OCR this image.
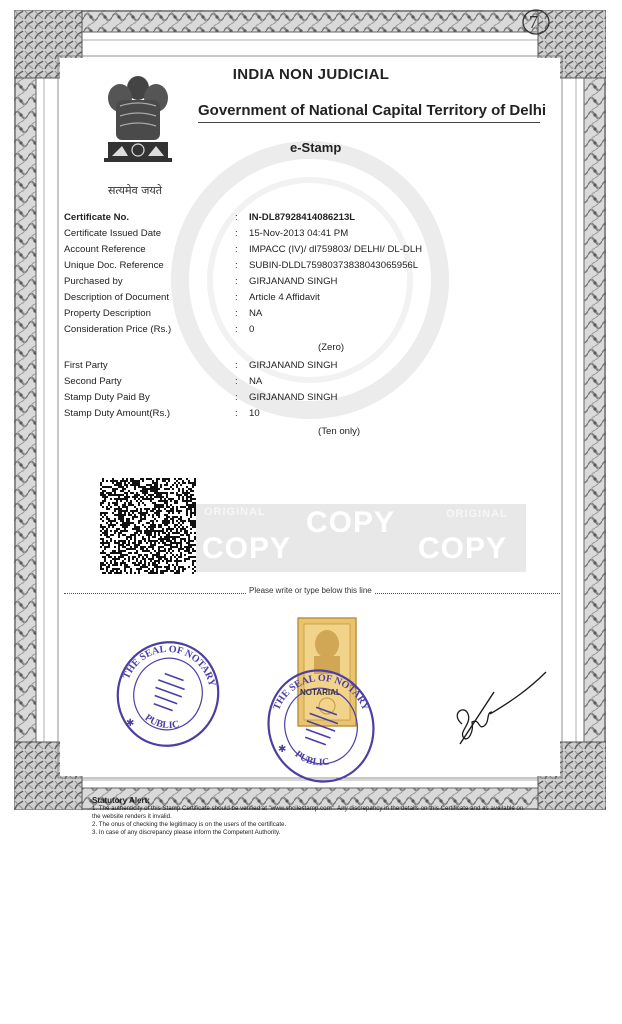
7
सत्यमेव जयते
INDIA NON JUDICIAL
Government of National Capital Territory of Delhi
e-Stamp
Certificate No.	: IN-DL87928414086213L
Certificate Issued Date	: 15-Nov-2013 04:41 PM
Account Reference	: IMPACC (IV)/ dl759803/ DELHI/ DL-DLH
Unique Doc. Reference	: SUBIN-DLDL75980373838043065956L
Purchased by	: GIRJANAND SINGH
Description of Document	: Article 4 Affidavit
Property Description	: NA
Consideration Price (Rs.)	: 0
(Zero)
First Party	: GIRJANAND SINGH
Second Party	: NA
Stamp Duty Paid By	: GIRJANAND SINGH
Stamp Duty Amount(Rs.)	: 10
(Ten only)
COPY
COPY
COPY
ORIGINAL	ORIGINAL
Please write or type below this line
THE SEAL OF NOTARY
PUBLIC
✱
NOTARIAL
THE SEAL OF NOTARY
PUBLIC
✱
Statutory Alert:
1. The authenticity of this Stamp Certificate should be verified at "www.shcilestamp.com". Any discrepancy in the details on this Certificate and as available on the website renders it invalid.
2. The onus of checking the legitimacy is on the users of the certificate.
3. In case of any discrepancy please inform the Competent Authority.
